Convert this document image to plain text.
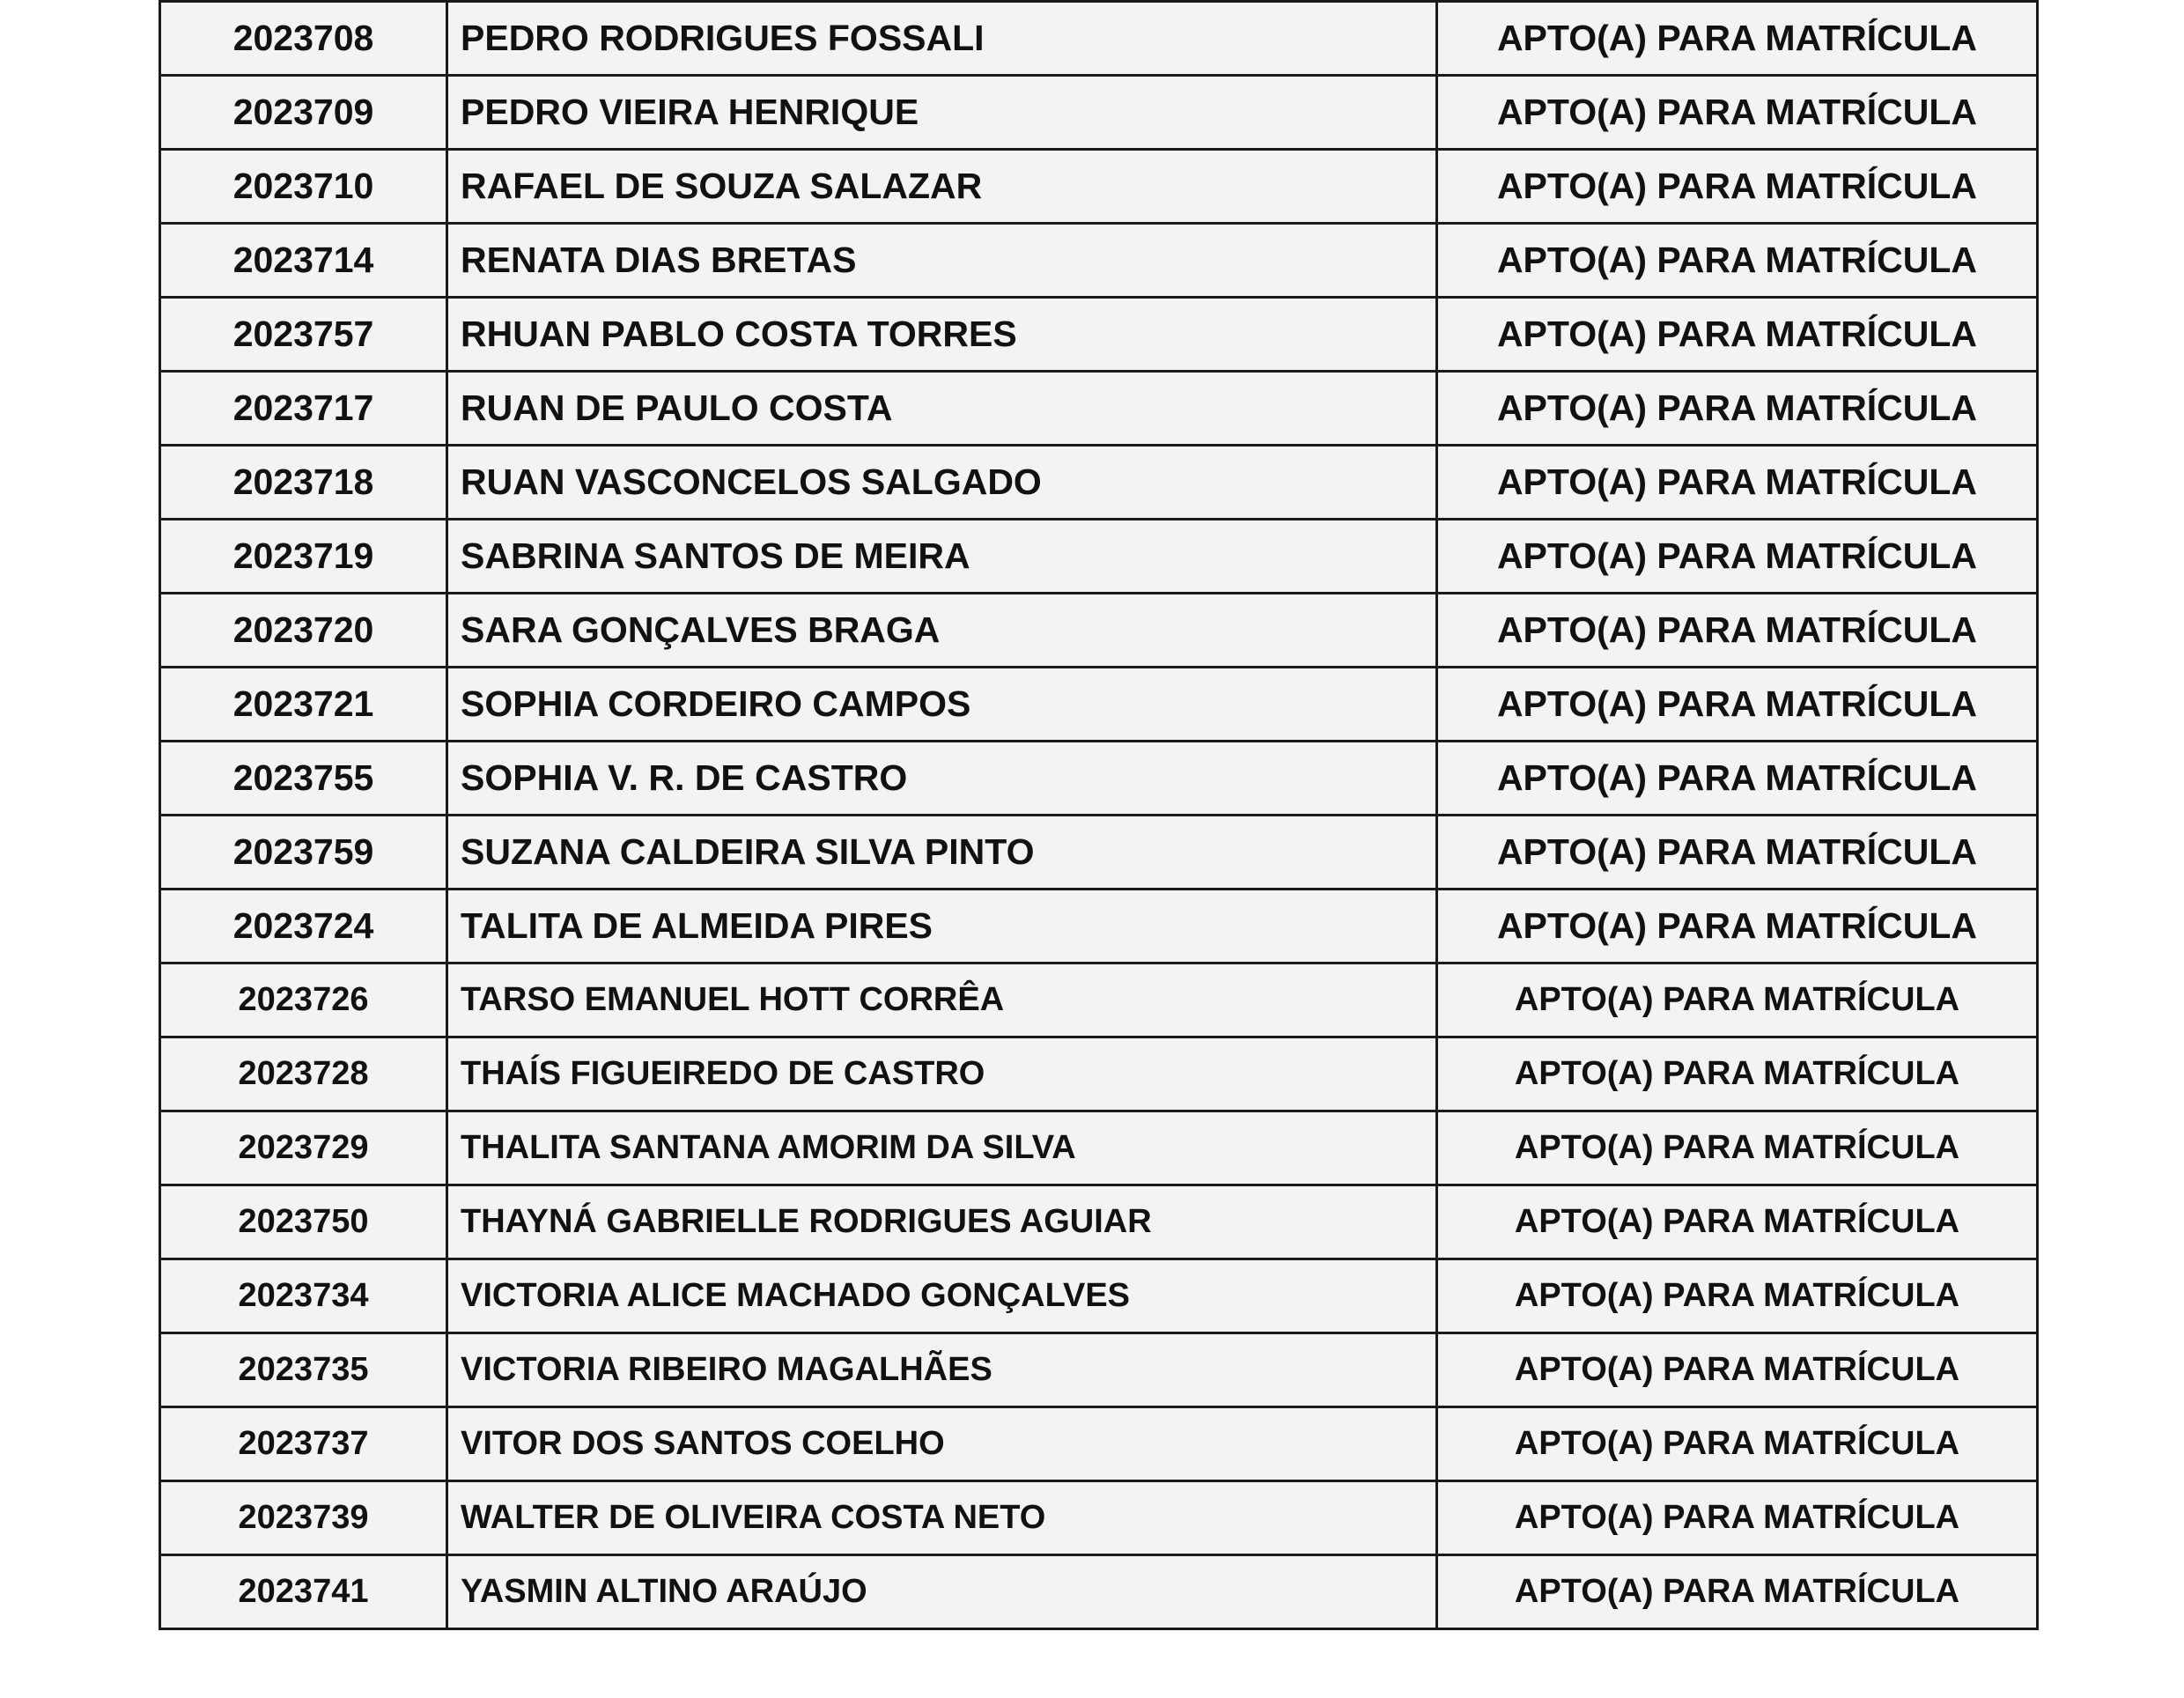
2023708	PEDRO RODRIGUES FOSSALI	APTO(A) PARA MATRÍCULA
2023709	PEDRO VIEIRA HENRIQUE	APTO(A) PARA MATRÍCULA
2023710	RAFAEL DE SOUZA SALAZAR	APTO(A) PARA MATRÍCULA
2023714	RENATA DIAS BRETAS	APTO(A) PARA MATRÍCULA
2023757	RHUAN PABLO COSTA TORRES	APTO(A) PARA MATRÍCULA
2023717	RUAN DE PAULO COSTA	APTO(A) PARA MATRÍCULA
2023718	RUAN VASCONCELOS SALGADO	APTO(A) PARA MATRÍCULA
2023719	SABRINA SANTOS DE MEIRA	APTO(A) PARA MATRÍCULA
2023720	SARA GONÇALVES BRAGA	APTO(A) PARA MATRÍCULA
2023721	SOPHIA CORDEIRO CAMPOS	APTO(A) PARA MATRÍCULA
2023755	SOPHIA V. R. DE CASTRO	APTO(A) PARA MATRÍCULA
2023759	SUZANA CALDEIRA SILVA PINTO	APTO(A) PARA MATRÍCULA
2023724	TALITA DE ALMEIDA PIRES	APTO(A) PARA MATRÍCULA
2023726	TARSO EMANUEL HOTT CORRÊA	APTO(A) PARA MATRÍCULA
2023728	THAÍS FIGUEIREDO DE CASTRO	APTO(A) PARA MATRÍCULA
2023729	THALITA SANTANA AMORIM DA SILVA	APTO(A) PARA MATRÍCULA
2023750	THAYNÁ GABRIELLE RODRIGUES AGUIAR	APTO(A) PARA MATRÍCULA
2023734	VICTORIA ALICE MACHADO GONÇALVES	APTO(A) PARA MATRÍCULA
2023735	VICTORIA RIBEIRO MAGALHÃES	APTO(A) PARA MATRÍCULA
2023737	VITOR DOS SANTOS COELHO	APTO(A) PARA MATRÍCULA
2023739	WALTER DE OLIVEIRA COSTA NETO	APTO(A) PARA MATRÍCULA
2023741	YASMIN ALTINO ARAÚJO	APTO(A) PARA MATRÍCULA
